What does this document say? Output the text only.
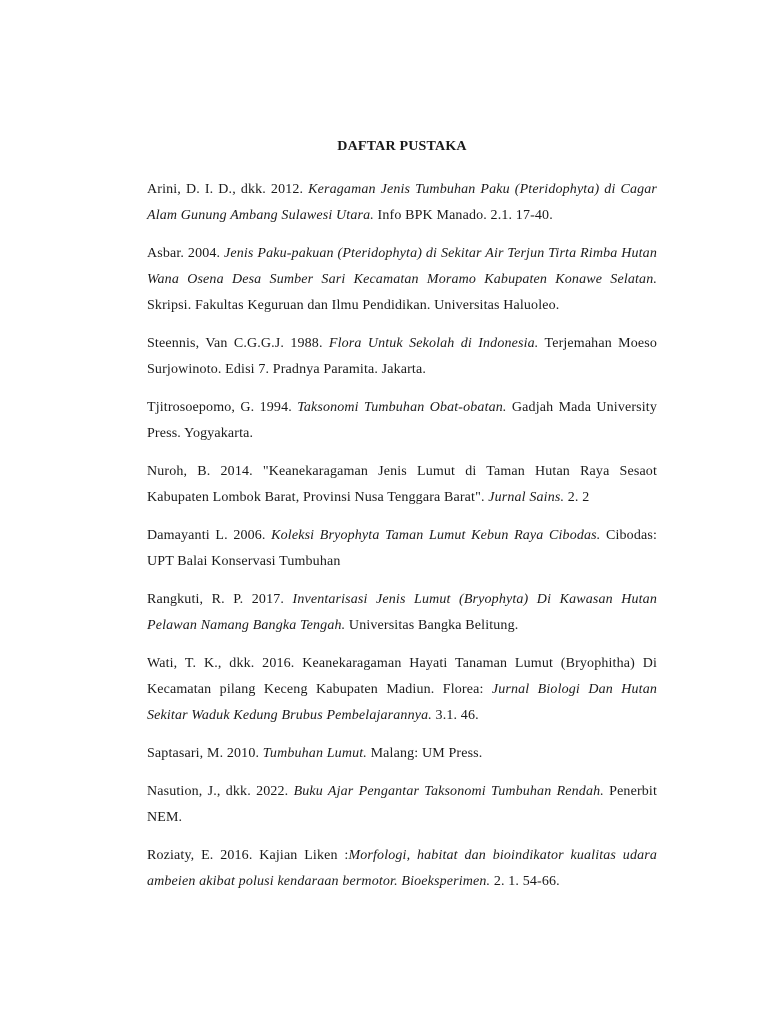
DAFTAR PUSTAKA
Arini, D. I. D., dkk. 2012. Keragaman Jenis Tumbuhan Paku (Pteridophyta) di Cagar Alam Gunung Ambang Sulawesi Utara. Info BPK Manado. 2.1. 17-40.
Asbar. 2004. Jenis Paku-pakuan (Pteridophyta) di Sekitar Air Terjun Tirta Rimba Hutan Wana Osena Desa Sumber Sari Kecamatan Moramo Kabupaten Konawe Selatan. Skripsi. Fakultas Keguruan dan Ilmu Pendidikan. Universitas Haluoleo.
Steennis, Van C.G.G.J. 1988. Flora Untuk Sekolah di Indonesia. Terjemahan Moeso Surjowinoto. Edisi 7. Pradnya Paramita. Jakarta.
Tjitrosoepomo, G. 1994. Taksonomi Tumbuhan Obat-obatan. Gadjah Mada University Press. Yogyakarta.
Nuroh, B. 2014. "Keanekaragaman Jenis Lumut di Taman Hutan Raya Sesaot Kabupaten Lombok Barat, Provinsi Nusa Tenggara Barat". Jurnal Sains. 2. 2
Damayanti L. 2006. Koleksi Bryophyta Taman Lumut Kebun Raya Cibodas. Cibodas: UPT Balai Konservasi Tumbuhan
Rangkuti, R. P. 2017. Inventarisasi Jenis Lumut (Bryophyta) Di Kawasan Hutan Pelawan Namang Bangka Tengah. Universitas Bangka Belitung.
Wati, T. K., dkk. 2016. Keanekaragaman Hayati Tanaman Lumut (Bryophitha) Di Kecamatan pilang Keceng Kabupaten Madiun. Florea: Jurnal Biologi Dan Hutan Sekitar Waduk Kedung Brubus Pembelajarannya. 3.1. 46.
Saptasari, M. 2010. Tumbuhan Lumut. Malang: UM Press.
Nasution, J., dkk. 2022. Buku Ajar Pengantar Taksonomi Tumbuhan Rendah. Penerbit NEM.
Roziaty, E. 2016. Kajian Liken :Morfologi, habitat dan bioindikator kualitas udara ambeien akibat polusi kendaraan bermotor. Bioeksperimen. 2. 1. 54-66.
